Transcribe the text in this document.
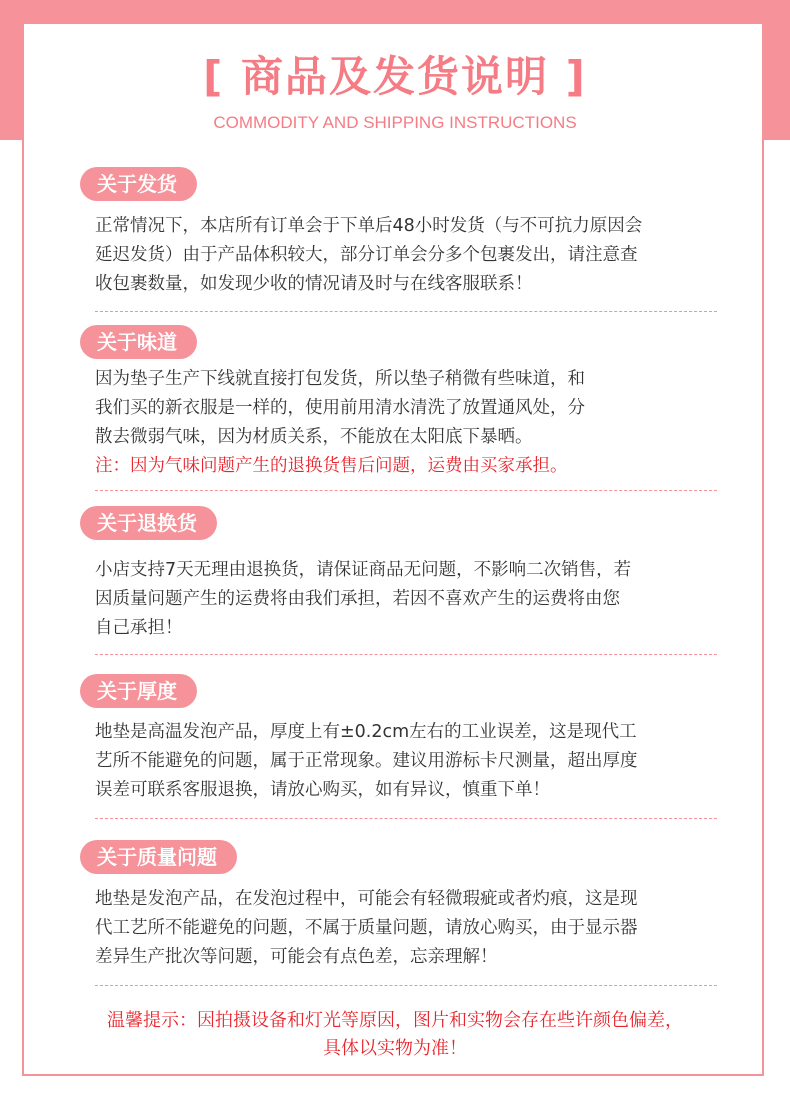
[ 商品及发货说明 ]
COMMODITY AND SHIPPING INSTRUCTIONS
关于发货
正常情况下，本店所有订单会于下单后48小时发货（与不可抗力原因会
延迟发货）由于产品体积较大，部分订单会分多个包裹发出，请注意查
收包裹数量，如发现少收的情况请及时与在线客服联系！
关于味道
因为垫子生产下线就直接打包发货，所以垫子稍微有些味道，和
我们买的新衣服是一样的，使用前用清水清洗了放置通风处，分
散去微弱气味，因为材质关系，不能放在太阳底下暴晒。
注：因为气味问题产生的退换货售后问题，运费由买家承担。
关于退换货
小店支持7天无理由退换货，请保证商品无问题，不影响二次销售，若
因质量问题产生的运费将由我们承担，若因不喜欢产生的运费将由您
自己承担！
关于厚度
地垫是高温发泡产品，厚度上有±0.2cm左右的工业误差，这是现代工
艺所不能避免的问题，属于正常现象。建议用游标卡尺测量，超出厚度
误差可联系客服退换，请放心购买，如有异议，慎重下单！
关于质量问题
地垫是发泡产品，在发泡过程中，可能会有轻微瑕疵或者灼痕，这是现
代工艺所不能避免的问题，不属于质量问题，请放心购买，由于显示器
差异生产批次等问题，可能会有点色差，忘亲理解！
温馨提示：因拍摄设备和灯光等原因，图片和实物会存在些许颜色偏差，
具体以实物为准！
